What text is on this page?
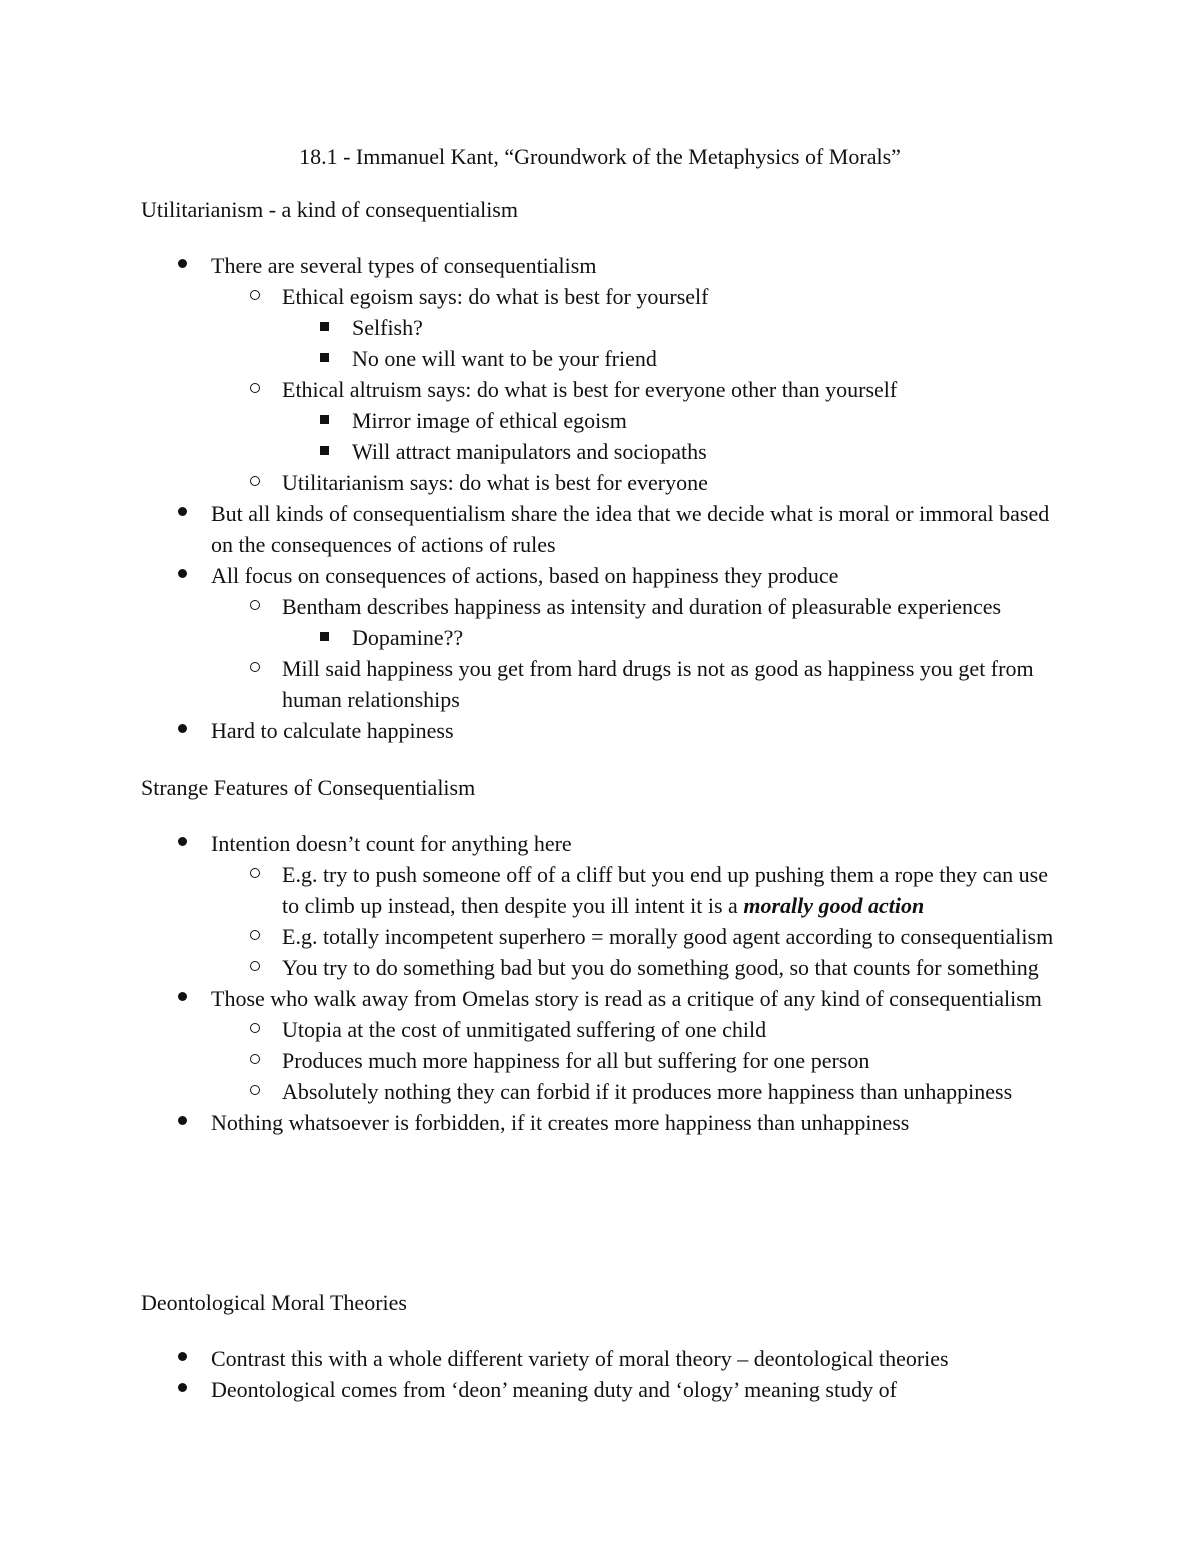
18.1 - Immanuel Kant, “Groundwork of the Metaphysics of Morals”
Utilitarianism - a kind of consequentialism
There are several types of consequentialism
Ethical egoism says: do what is best for yourself
Selfish?
No one will want to be your friend
Ethical altruism says: do what is best for everyone other than yourself
Mirror image of ethical egoism
Will attract manipulators and sociopaths
Utilitarianism says: do what is best for everyone
But all kinds of consequentialism share the idea that we decide what is moral or immoral based on the consequences of actions of rules
All focus on consequences of actions, based on happiness they produce
Bentham describes happiness as intensity and duration of pleasurable experiences
Dopamine??
Mill said happiness you get from hard drugs is not as good as happiness you get from human relationships
Hard to calculate happiness
Strange Features of Consequentialism
Intention doesn’t count for anything here
E.g. try to push someone off of a cliff but you end up pushing them a rope they can use to climb up instead, then despite you ill intent it is a morally good action
E.g. totally incompetent superhero = morally good agent according to consequentialism
You try to do something bad but you do something good, so that counts for something
Those who walk away from Omelas story is read as a critique of any kind of consequentialism
Utopia at the cost of unmitigated suffering of one child
Produces much more happiness for all but suffering for one person
Absolutely nothing they can forbid if it produces more happiness than unhappiness
Nothing whatsoever is forbidden, if it creates more happiness than unhappiness
Deontological Moral Theories
Contrast this with a whole different variety of moral theory – deontological theories
Deontological comes from ‘deon’ meaning duty and ‘ology’ meaning study of
